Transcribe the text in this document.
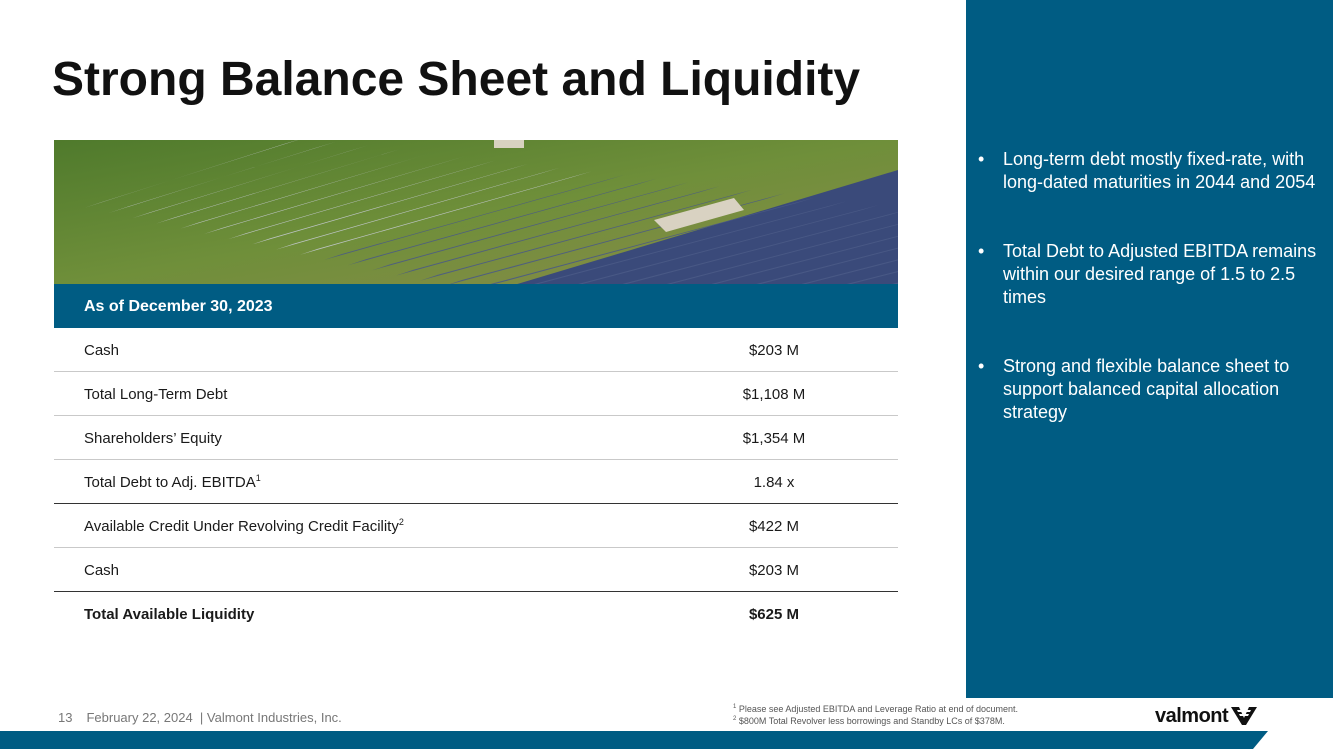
Strong Balance Sheet and Liquidity
As of December 30, 2023
Cash	$203 M
Total Long-Term Debt	$1,108 M
Shareholders’ Equity	$1,354 M
Total Debt to Adj. EBITDA$^1$	1.84 x
Available Credit Under Revolving Credit Facility$^2$	$422 M
Cash	$203 M
Total Available Liquidity	$625 M
• Long-term debt mostly fixed-rate, with long-dated maturities in 2044 and 2054
• Total Debt to Adjusted EBITDA remains within our desired range of 1.5 to 2.5 times
• Strong and flexible balance sheet to support balanced capital allocation strategy
13 February 22, 2024  | Valmont Industries, Inc.
$^1$ Please see Adjusted EBITDA and Leverage Ratio at end of document.
$^2$ $800M Total Revolver less borrowings and Standby LCs of $378M.	valmont
